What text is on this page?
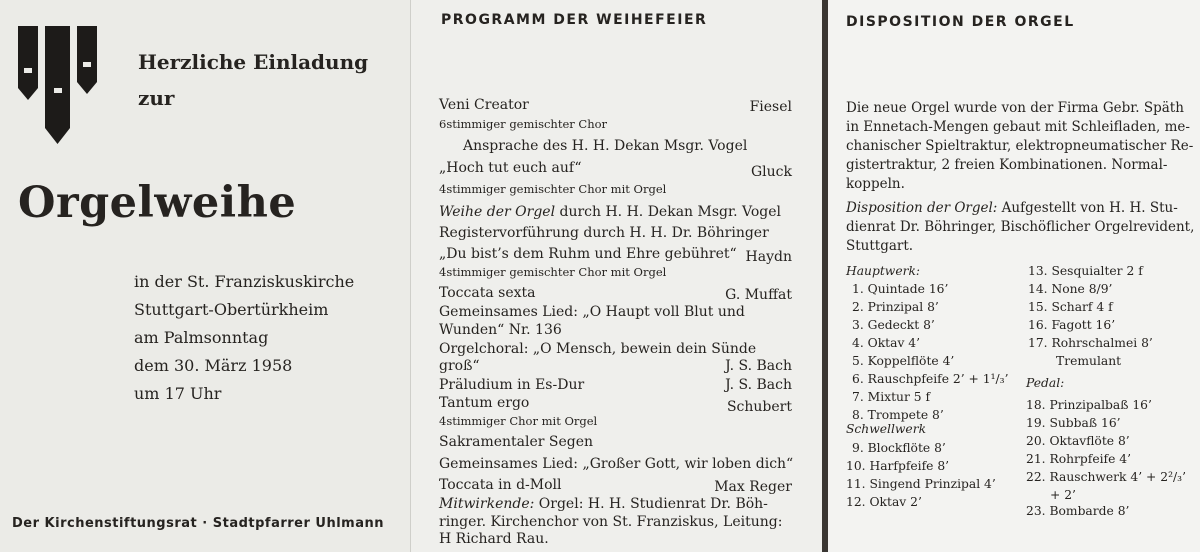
Herzliche Einladung
zur
Orgelweihe
in der St. Franziskuskirche
Stuttgart-Obertürkheim
am Palmsonntag
dem 30. März 1958
um 17 Uhr
Der Kirchenstiftungsrat · Stadtpfarrer Uhlmann
PROGRAMM DER WEIHEFEIER
Veni Creator	Fiesel
6stimmiger gemischter Chor
Ansprache des H. H. Dekan Msgr. Vogel
„Hoch tut euch auf“	Gluck
4stimmiger gemischter Chor mit Orgel
Weihe der Orgel durch H. H. Dekan Msgr. Vogel
Registervorführung durch H. H. Dr. Böhringer
„Du bist’s dem Ruhm und Ehre gebühret“ Haydn
4stimmiger gemischter Chor mit Orgel
Toccata sexta	G. Muffat
Gemeinsames Lied: „O Haupt voll Blut und
Wunden“ Nr. 136
Orgelchoral: „O Mensch, bewein dein Sünde
groß“	J. S. Bach
Präludium in Es-Dur	J. S. Bach
Tantum ergo	Schubert
4stimmiger Chor mit Orgel
Sakramentaler Segen
Gemeinsames Lied: „Großer Gott, wir loben dich“
Toccata in d-Moll	Max Reger
Mitwirkende: Orgel: H. H. Studienrat Dr. Böh-
ringer. Kirchenchor von St. Franziskus, Leitung:
H Richard Rau.
DISPOSITION DER ORGEL
Die neue Orgel wurde von der Firma Gebr. Späth
in Ennetach-Mengen gebaut mit Schleifladen, me-
chanischer Spieltraktur, elektropneumatischer Re-
gistertraktur, 2 freien Kombinationen. Normal-
koppeln.
Disposition der Orgel: Aufgestellt von H. H. Stu-
dienrat Dr. Böhringer, Bischöflicher Orgelrevident,
Stuttgart.
Hauptwerk:
1. Quintade 16’
2. Prinzipal 8’
3. Gedeckt 8’
4. Oktav 4’
5. Koppelflöte 4’
6. Rauschpfeife 2’ + 1¹/₃’
7. Mixtur 5 f
8. Trompete 8’
Schwellwerk
9. Blockflöte 8’
10. Harfpfeife 8’
11. Singend Prinzipal 4’
12. Oktav 2’
13. Sesquialter 2 f
14. None 8/9’
15. Scharf 4 f
16. Fagott 16’
17. Rohrschalmei 8’
Tremulant
Pedal:
18. Prinzipalbaß 16’
19. Subbaß 16’
20. Oktavflöte 8’
21. Rohrpfeife 4’
22. Rauschwerk 4’ + 2²/₃’
+ 2’
23. Bombarde 8’
